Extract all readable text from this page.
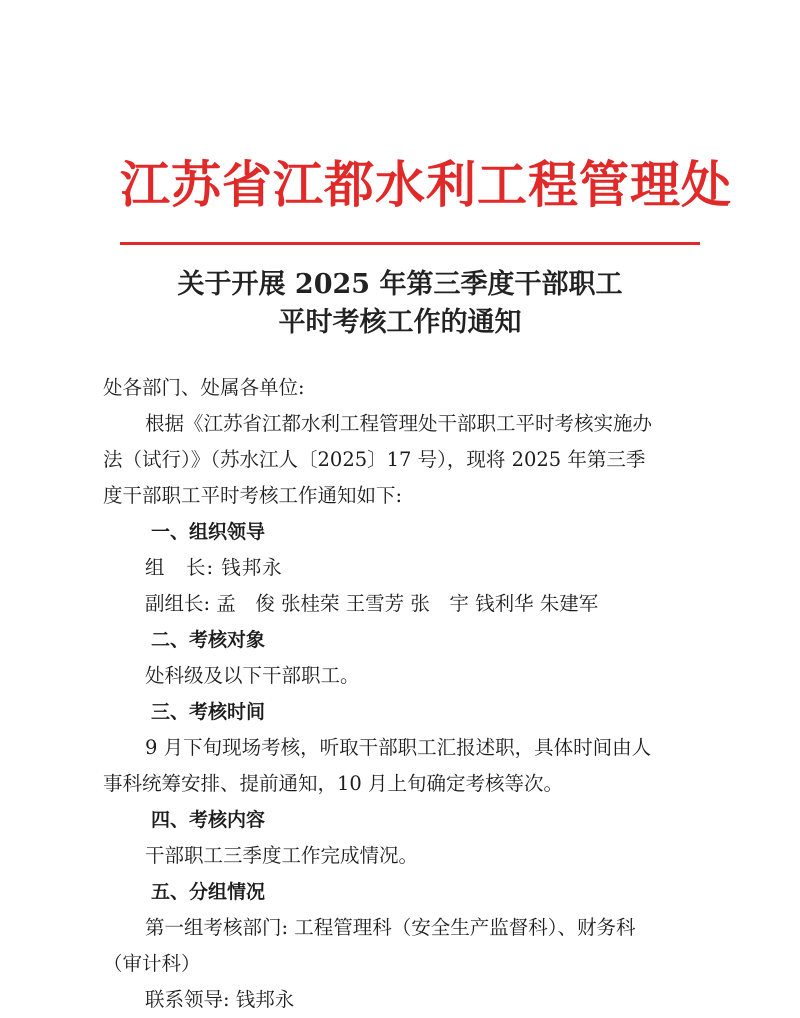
江苏省江都水利工程管理处
关于开展 2025 年第三季度干部职工
平时考核工作的通知
处各部门、处属各单位:
根据《江苏省江都水利工程管理处干部职工平时考核实施办
法（试行）》（苏水江人〔2025〕17 号），现将 2025 年第三季
度干部职工平时考核工作通知如下:
一、组织领导
组　长: 钱邦永
副组长: 孟　俊 张桂荣 王雪芳 张　宇 钱利华 朱建军
二、考核对象
处科级及以下干部职工。
三、考核时间
9 月下旬现场考核，听取干部职工汇报述职，具体时间由人
事科统筹安排、提前通知，10 月上旬确定考核等次。
四、考核内容
干部职工三季度工作完成情况。
五、分组情况
第一组考核部门: 工程管理科（安全生产监督科）、财务科
（审计科）
联系领导: 钱邦永
